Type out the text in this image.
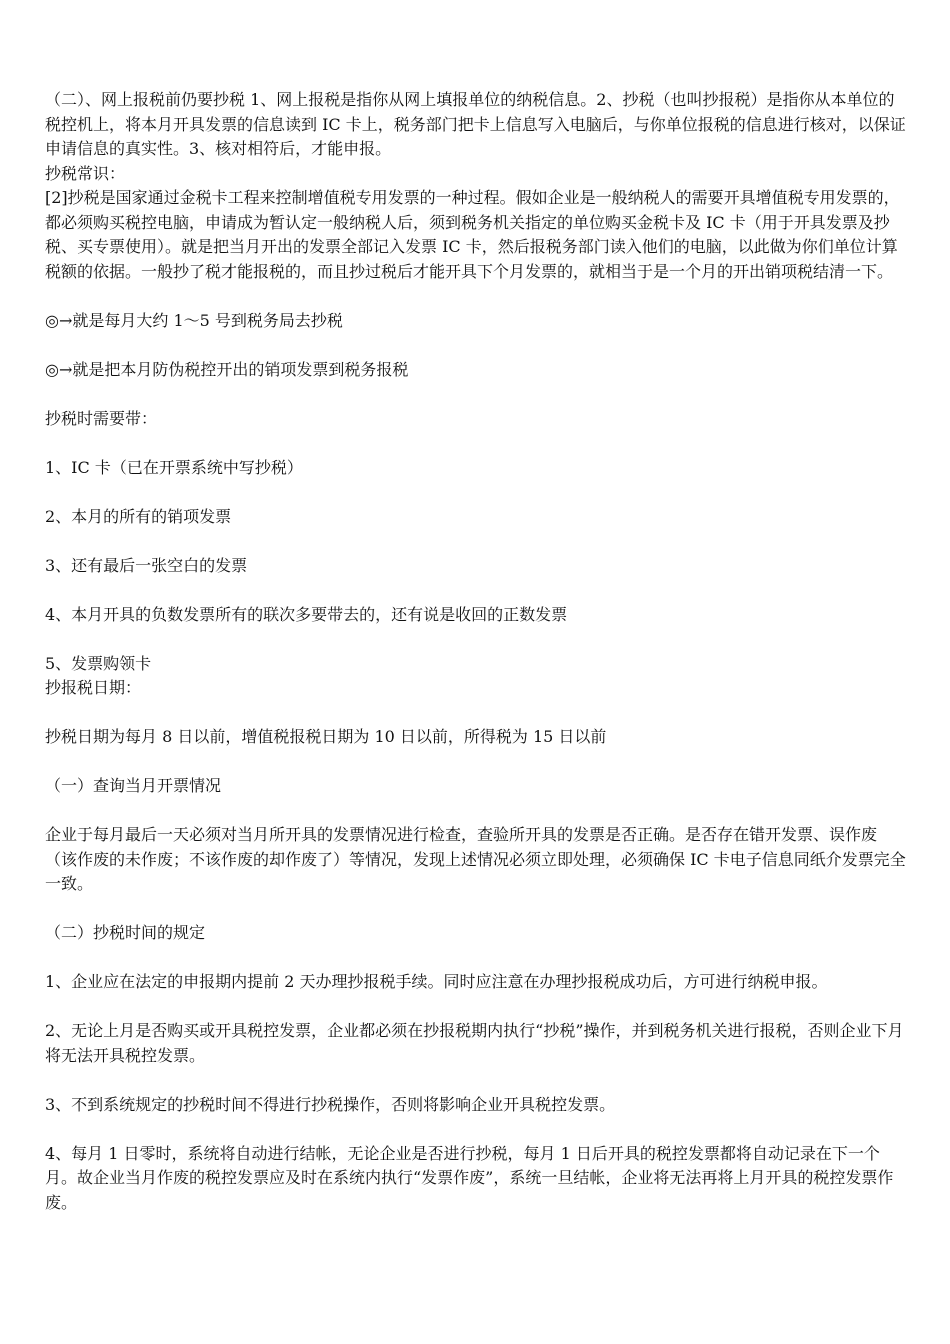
（二）、网上报税前仍要抄税 1、网上报税是指你从网上填报单位的纳税信息。2、抄税（也叫抄报税）是指你从本单位的税控机上，将本月开具发票的信息读到 IC 卡上，税务部门把卡上信息写入电脑后，与你单位报税的信息进行核对，以保证申请信息的真实性。3、核对相符后，才能申报。

抄税常识：

[2]抄税是国家通过金税卡工程来控制增值税专用发票的一种过程。假如企业是一般纳税人的需要开具增值税专用发票的，都必须购买税控电脑，申请成为暂认定一般纳税人后，须到税务机关指定的单位购买金税卡及 IC 卡（用于开具发票及抄税、买专票使用）。就是把当月开出的发票全部记入发票 IC 卡，然后报税务部门读入他们的电脑，以此做为你们单位计算税额的依据。一般抄了税才能报税的，而且抄过税后才能开具下个月发票的，就相当于是一个月的开出销项税结清一下。

◎→就是每月大约 1～5 号到税务局去抄税

◎→就是把本月防伪税控开出的销项发票到税务报税

抄税时需要带：

1、IC 卡（已在开票系统中写抄税）

2、本月的所有的销项发票

3、还有最后一张空白的发票

4、本月开具的负数发票所有的联次多要带去的，还有说是收回的正数发票

5、发票购领卡

抄报税日期：

抄税日期为每月 8 日以前，增值税报税日期为 10 日以前，所得税为 15 日以前

（一）查询当月开票情况

企业于每月最后一天必须对当月所开具的发票情况进行检查，查验所开具的发票是否正确。是否存在错开发票、误作废（该作废的未作废；不该作废的却作废了）等情况，发现上述情况必须立即处理，必须确保 IC 卡电子信息同纸介发票完全一致。

（二）抄税时间的规定

1、企业应在法定的申报期内提前 2 天办理抄报税手续。同时应注意在办理抄报税成功后，方可进行纳税申报。

2、无论上月是否购买或开具税控发票，企业都必须在抄报税期内执行“抄税”操作，并到税务机关进行报税，否则企业下月将无法开具税控发票。

3、不到系统规定的抄税时间不得进行抄税操作，否则将影响企业开具税控发票。

4、每月 1 日零时，系统将自动进行结帐，无论企业是否进行抄税，每月 1 日后开具的税控发票都将自动记录在下一个月。故企业当月作废的税控发票应及时在系统内执行“发票作废”，系统一旦结帐，企业将无法再将上月开具的税控发票作废。
